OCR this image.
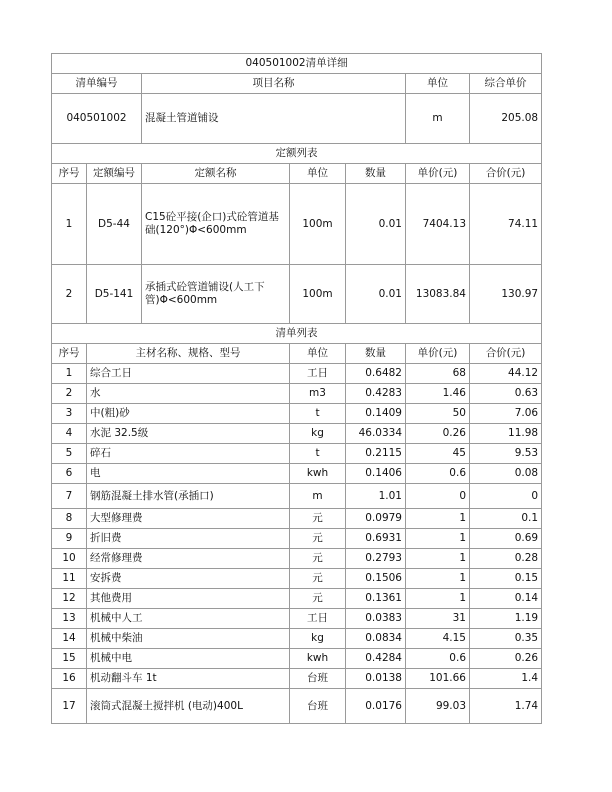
040501002清单详细						
清单编号		项目名称			单位	综合单价
040501002		混凝土管道铺设			m	205.08
定额列表						
序号	定额编号	定额名称	单位	数量	单价(元)	合价(元)
1	D5-44	C15砼平接(企口)式砼管道基础(120°)Φ<600mm	100m	0.01	7404.13	74.11
2	D5-141	承插式砼管道铺设(人工下管)Φ<600mm	100m	0.01	13083.84	130.97
清单列表						
序号	主材名称、规格、型号		单位	数量	单价(元)	合价(元)
1	综合工日		工日	0.6482	68	44.12
2	水		m3	0.4283	1.46	0.63
3	中(粗)砂		t	0.1409	50	7.06
4	水泥 32.5级		kg	46.0334	0.26	11.98
5	碎石		t	0.2115	45	9.53
6	电		kwh	0.1406	0.6	0.08
7	钢筋混凝土排水管(承插口)		m	1.01	0	0
8	大型修理费		元	0.0979	1	0.1
9	折旧费		元	0.6931	1	0.69
10	经常修理费		元	0.2793	1	0.28
11	安拆费		元	0.1506	1	0.15
12	其他费用		元	0.1361	1	0.14
13	机械中人工		工日	0.0383	31	1.19
14	机械中柴油		kg	0.0834	4.15	0.35
15	机械中电		kwh	0.4284	0.6	0.26
16	机动翻斗车 1t		台班	0.0138	101.66	1.4
17	滚筒式混凝土搅拌机 (电动)400L		台班	0.0176	99.03	1.74
